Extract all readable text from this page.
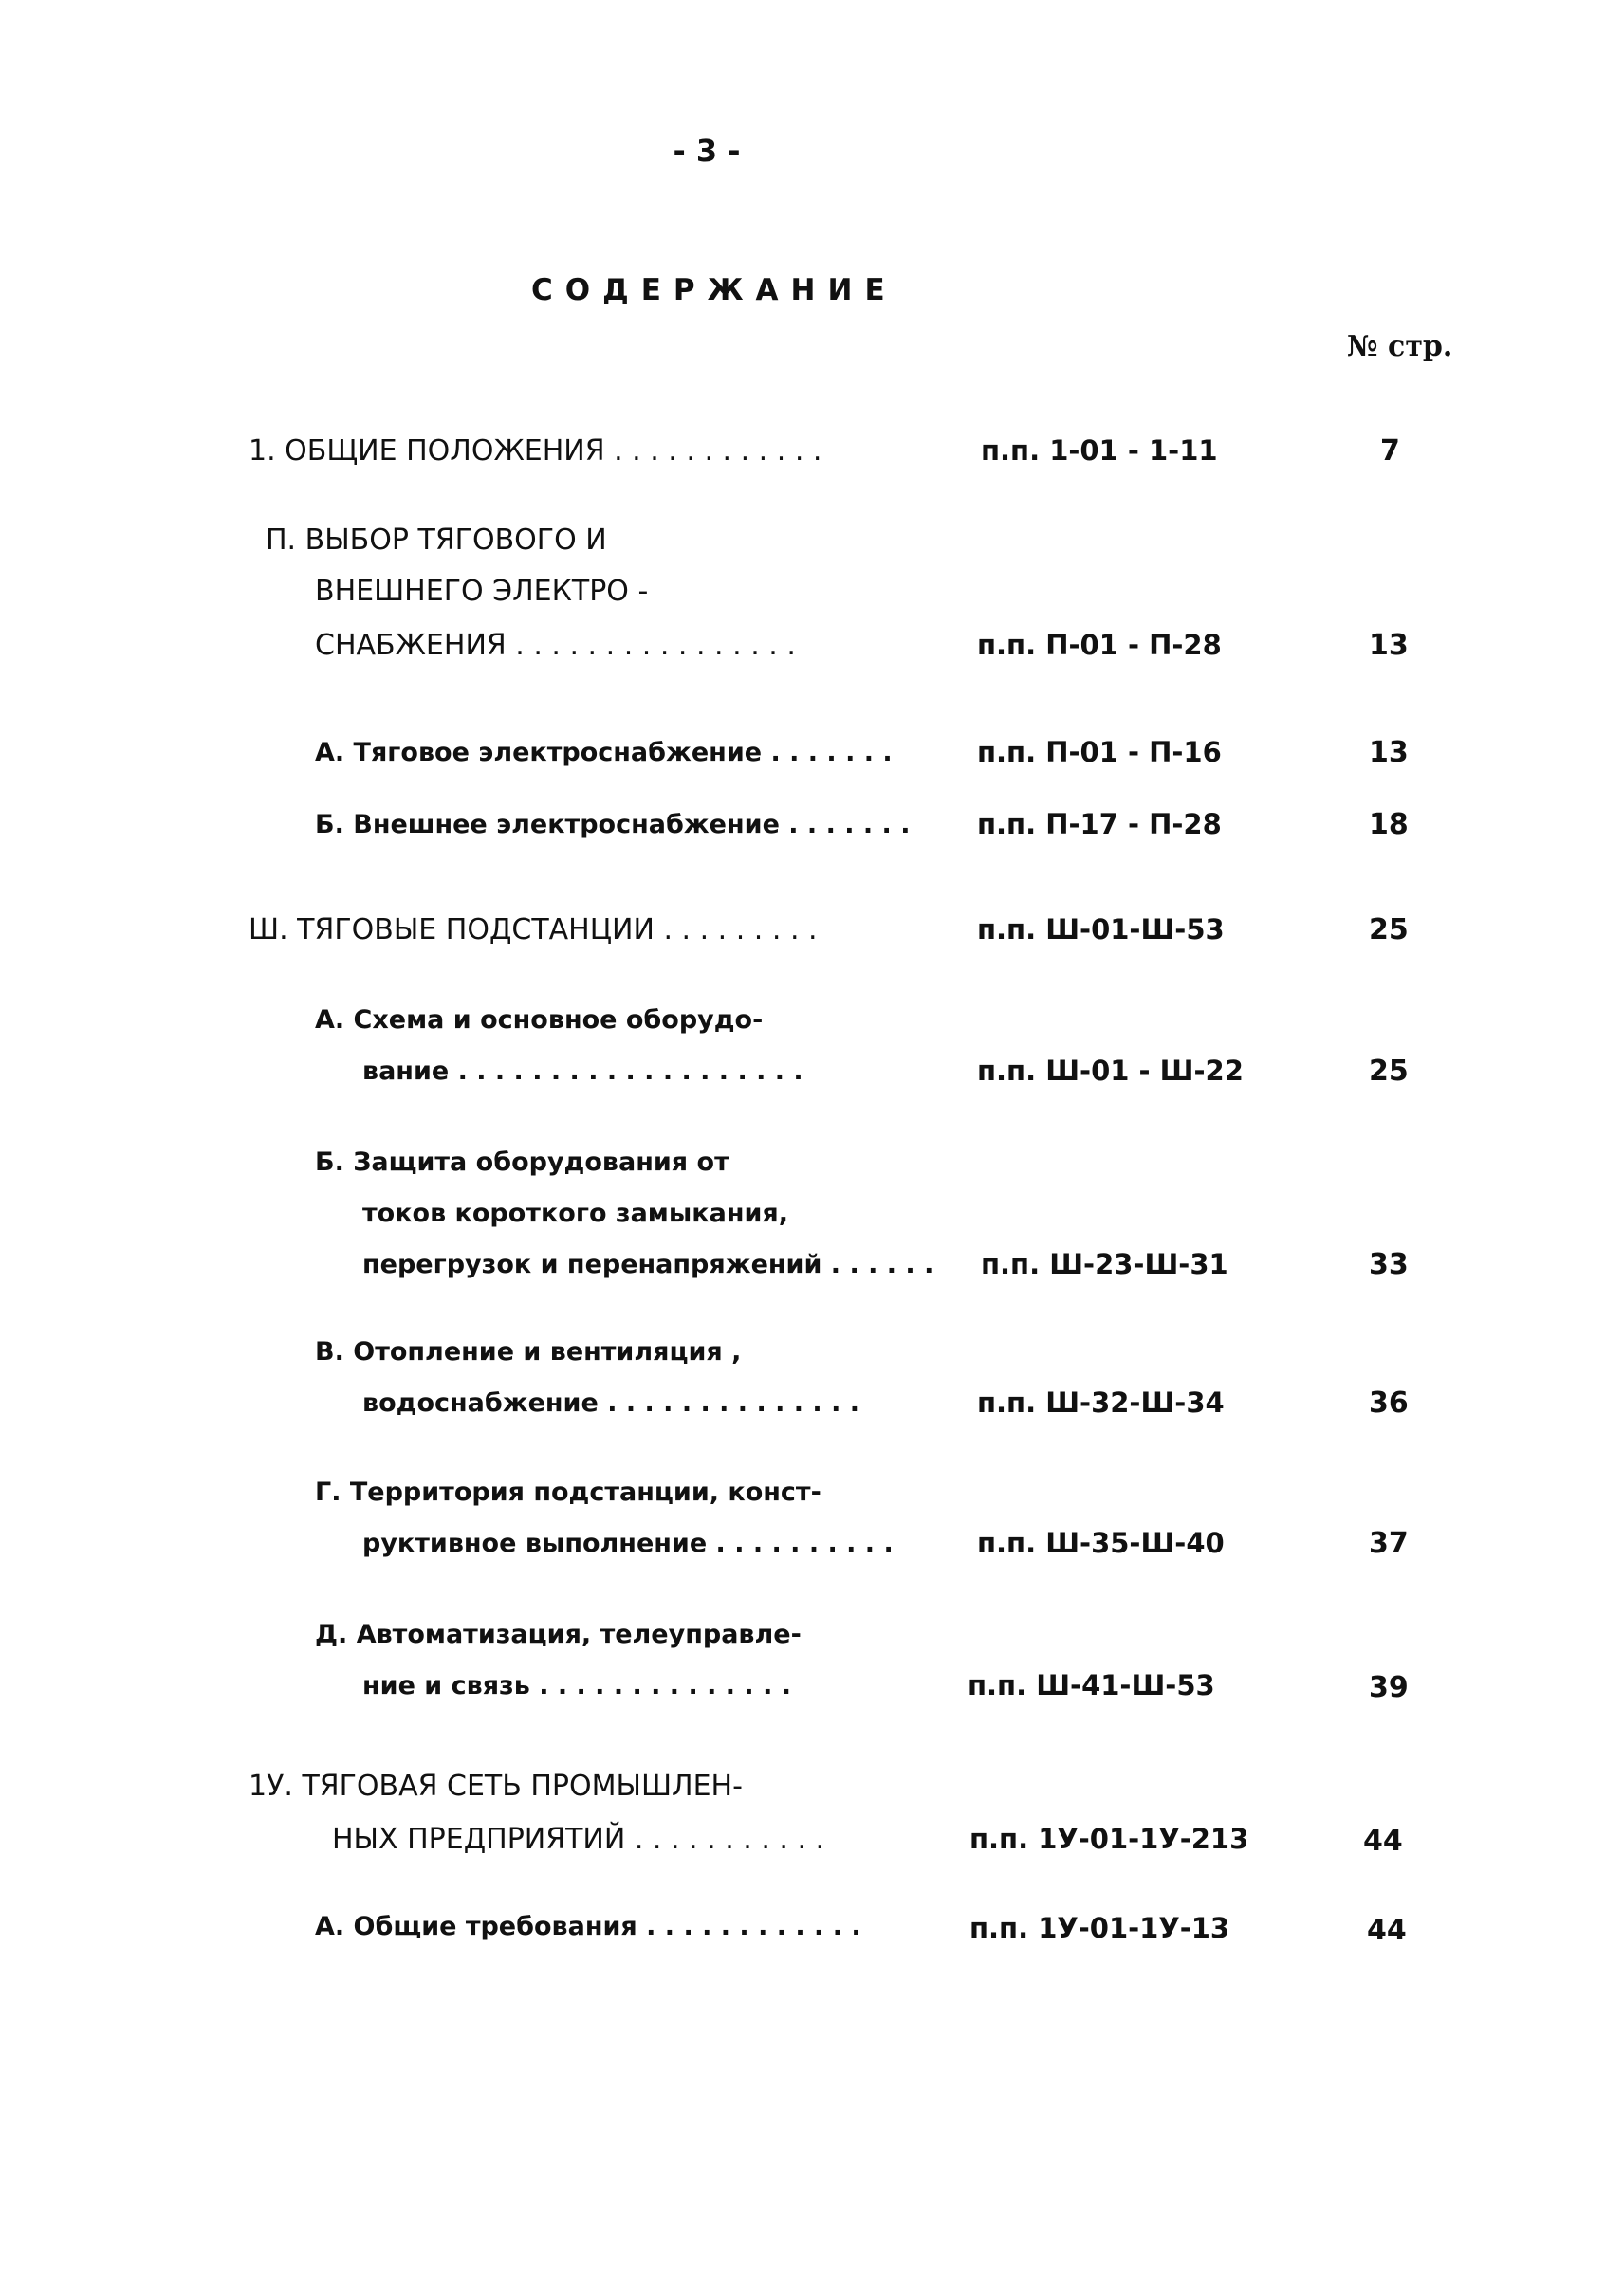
- 3 -
СОДЕРЖАНИЕ
№ стр.
1. ОБЩИЕ ПОЛОЖЕНИЯ . . . . . . . . . . . .	п.п. 1-01 - 1-11	7
П. ВЫБОР ТЯГОВОГО И
ВНЕШНЕГО ЭЛЕКТРО -
СНАБЖЕНИЯ . . . . . . . . . . . . . . . .	п.п. П-01 - П-28	13
А. Тяговое электроснабжение . . . . . . .	п.п. П-01 - П-16	13
Б. Внешнее электроснабжение . . . . . . . п.п. П-17 - П-28	18
Ш. ТЯГОВЫЕ ПОДСТАНЦИИ . . . . . . . . .	п.п. Ш-01-Ш-53	25
А. Схема и основное оборудо-
вание . . . . . . . . . . . . . . . . . . .	п.п. Ш-01 - Ш-22	25
Б. Защита оборудования от
токов короткого замыкания,
перегрузок и перенапряжений . . . . . . п.п. Ш-23-Ш-31	33
В. Отопление и вентиляция ,
водоснабжение . . . . . . . . . . . . . .	п.п. Ш-32-Ш-34	36
Г. Территория подстанции, конст-
руктивное выполнение . . . . . . . . . .	п.п. Ш-35-Ш-40	37
Д. Автоматизация, телеуправле-
ние и связь . . . . . . . . . . . . . .	п.п. Ш-41-Ш-53	39
1У. ТЯГОВАЯ СЕТЬ ПРОМЫШЛЕН-
НЫХ ПРЕДПРИЯТИЙ . . . . . . . . . . .	п.п. 1У-01-1У-213	44
А. Общие требования . . . . . . . . . . . .	п.п. 1У-01-1У-13	44
